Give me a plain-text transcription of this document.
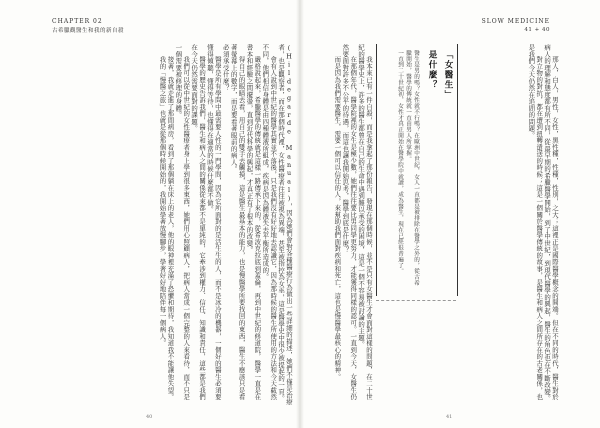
CHAPTER 02
古希臘觀醫生和我的新自殺
SLOW MEDICINE
41 + 40

(Hildegarde Manual)，因為她們會對各種醫療行為做出一些詳細的描述，她們不僅是治療者，也是觀察者，而在那個時代裡，女性醫療者往往被視為異端，甚至被指控為女巫，這是醫學史中很少被提起的一頁。

會有人說到中世紀的醫學其實並不落後，只是我們沒有好好地去認識它，因為那時候的醫生所使用的方法和今天截然不同，他們相信身體是由四種體液所組成，疾病是因為體液失去平衡所造成的。

嚴格說起來，希臘醫學的傳統就是這樣一路傳承下來的，從希波克拉底到蓋倫，再到中世紀的修道院，醫學一直是在書本和經驗之間擺盪，直到近代科學的興起，才真正有了根本的改變。

得自己的眼睛去看，用自己的雙手去觸摸，這是醫生最基本的能力，也是慢醫學所要找回的東西，醫生不應該只是看著螢幕上的數字，而是要看著眼前的病人。

必須承受什麼？

醫學是所有學問中最需要人性的一門學問，因為它所面對的是活生生的人，而不是冰冷的機器，一個好的醫生必須要懂得傾聽，懂得等待，也懂得在適當的時候什麼都不做。

醫學的歷史告訴我們，醫生和病人之間的關係從來都不是單純的，它牽涉到權力、信任、知識和責任，這些都是我們在今天仍然需要面對的課題。

我們可以從中世紀的女性醫療者身上學到很多東西，她們用心照顧病人，把病人當成一個完整的人來看待，而不只是一個需要被修理的身體。

接著，我就走進了那間病房，看到了那個躺在床上的老人，他的眼神裡充滿了恐懼和期待，我知道我不能讓他失望。

我的「慢醫之旅」也就是從那個時候開始的，我開始學著放慢腳步，學著好好地陪伴每一個病人。	我本來已有一件自殺，而是我拿起了那份報告，發現在那個時候，並不是只有女醫生才會面對這樣的問題，在二十世紀的醫學史上，許多的醫生都曾在自己的生命中遇到難以承受的困境，這是一個不容易被討論的主題。

在那個年代，醫學院裡的女生是極少數，她們往往要比男同學更努力，才能獲得同樣的認可。一直到今天，女醫生仍然要面對許多不公平的待遇，而這也讓我開始思考，醫學到底是什麼？

而是因為我們需要醫生，需要一個可以信任的人，來幫助我們面對疾病和死亡，這也是慢醫學最核心的精神。	「女醫生」
是什麼？

醫生是男的嗎？女性就不行嗎？在歐洲中世紀，女人一直都是被排除在醫學之外的，從古希臘開始，醫學的傳統就一直由男人所掌握。

一直到二十世紀初，女性才真正開始在醫學院中就讀，成為醫生，現在已經很普遍了。	那人，白人，男性，女性，黑性種，性種，性別，之大；這裡正是國際醫學概念的開端。但在不同的時代，醫生對於病人的理解和態度都有所不同，從最早期的希臘醫學開始，到了中世紀，到現代醫學的興起，醫生的角色也在不斷改變。

對立物的對抗，都在遭到扭轉遣送的時候；這是一個關於醫學傳統的故事，是醫生和病人之間所存在的古老關係，也是我們今天仍然在追問的問題。

40	41
